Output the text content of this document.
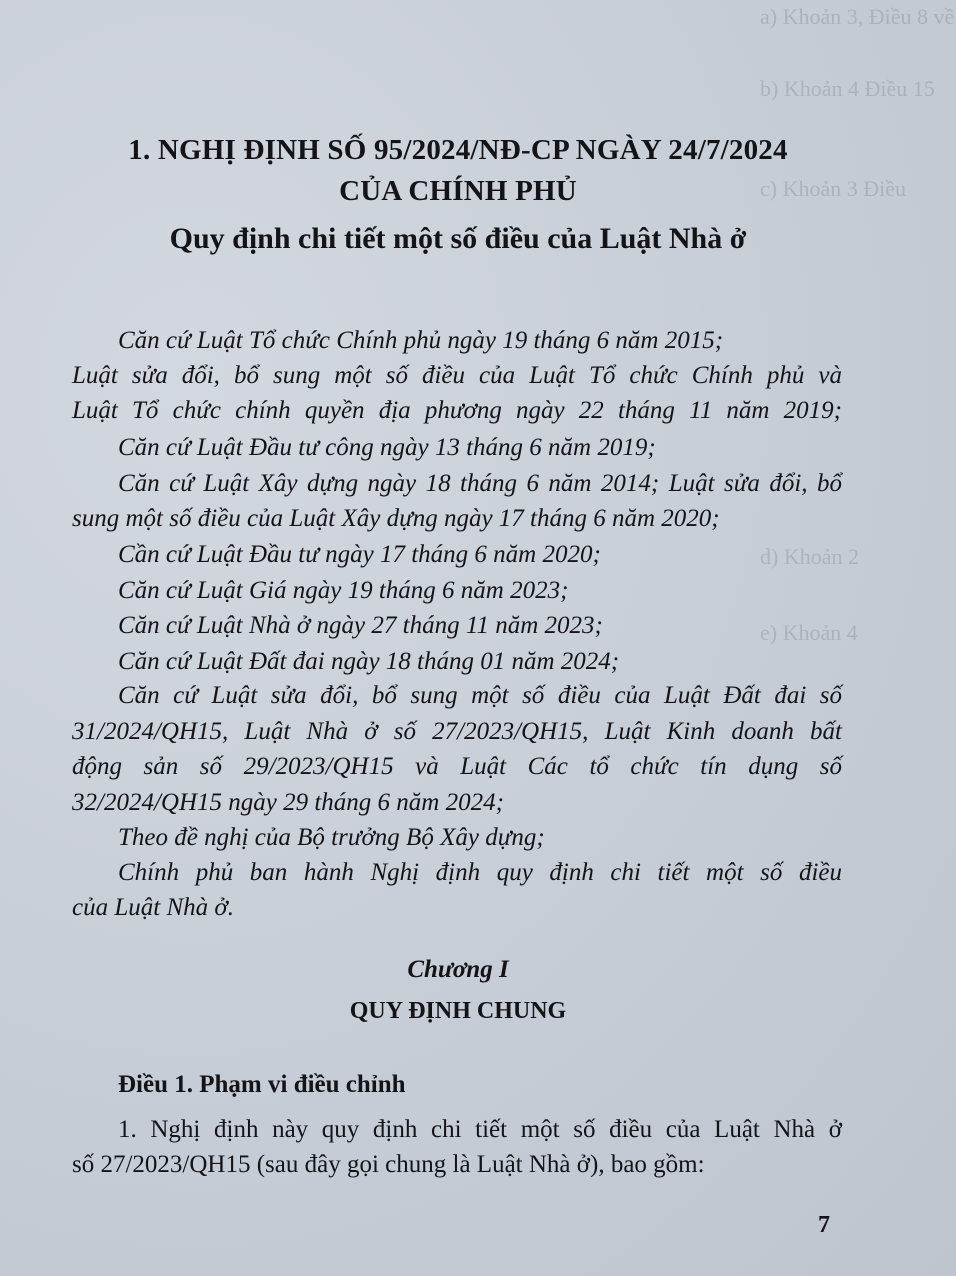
a) Khoản 3, Điều 8 về
b) Khoản 4 Điều 15
c) Khoản 3 Điều
d) Khoản 2
e) Khoản 4
1. NGHỊ ĐỊNH SỐ 95/2024/NĐ-CP NGÀY 24/7/2024
CỦA CHÍNH PHỦ
Quy định chi tiết một số điều của Luật Nhà ở
Căn cứ Luật Tổ chức Chính phủ ngày 19 tháng 6 năm 2015;
Luật sửa đổi, bổ sung một số điều của Luật Tổ chức Chính phủ và
Luật Tổ chức chính quyền địa phương ngày 22 tháng 11 năm 2019;
Căn cứ Luật Đầu tư công ngày 13 tháng 6 năm 2019;
Căn cứ Luật Xây dựng ngày 18 tháng 6 năm 2014; Luật sửa đổi, bổ
sung một số điều của Luật Xây dựng ngày 17 tháng 6 năm 2020;
Cần cứ Luật Đầu tư ngày 17 tháng 6 năm 2020;
Căn cứ Luật Giá ngày 19 tháng 6 năm 2023;
Căn cứ Luật Nhà ở ngày 27 tháng 11 năm 2023;
Căn cứ Luật Đất đai ngày 18 tháng 01 năm 2024;
Căn cứ Luật sửa đổi, bổ sung một số điều của Luật Đất đai số
31/2024/QH15, Luật Nhà ở số 27/2023/QH15, Luật Kinh doanh bất
động sản số 29/2023/QH15 và Luật Các tổ chức tín dụng số
32/2024/QH15 ngày 29 tháng 6 năm 2024;
Theo đề nghị của Bộ trưởng Bộ Xây dựng;
Chính phủ ban hành Nghị định quy định chi tiết một số điều
của Luật Nhà ở.
Chương I
QUY ĐỊNH CHUNG
Điều 1. Phạm vi điều chỉnh
1. Nghị định này quy định chi tiết một số điều của Luật Nhà ở
số 27/2023/QH15 (sau đây gọi chung là Luật Nhà ở), bao gồm:
7
